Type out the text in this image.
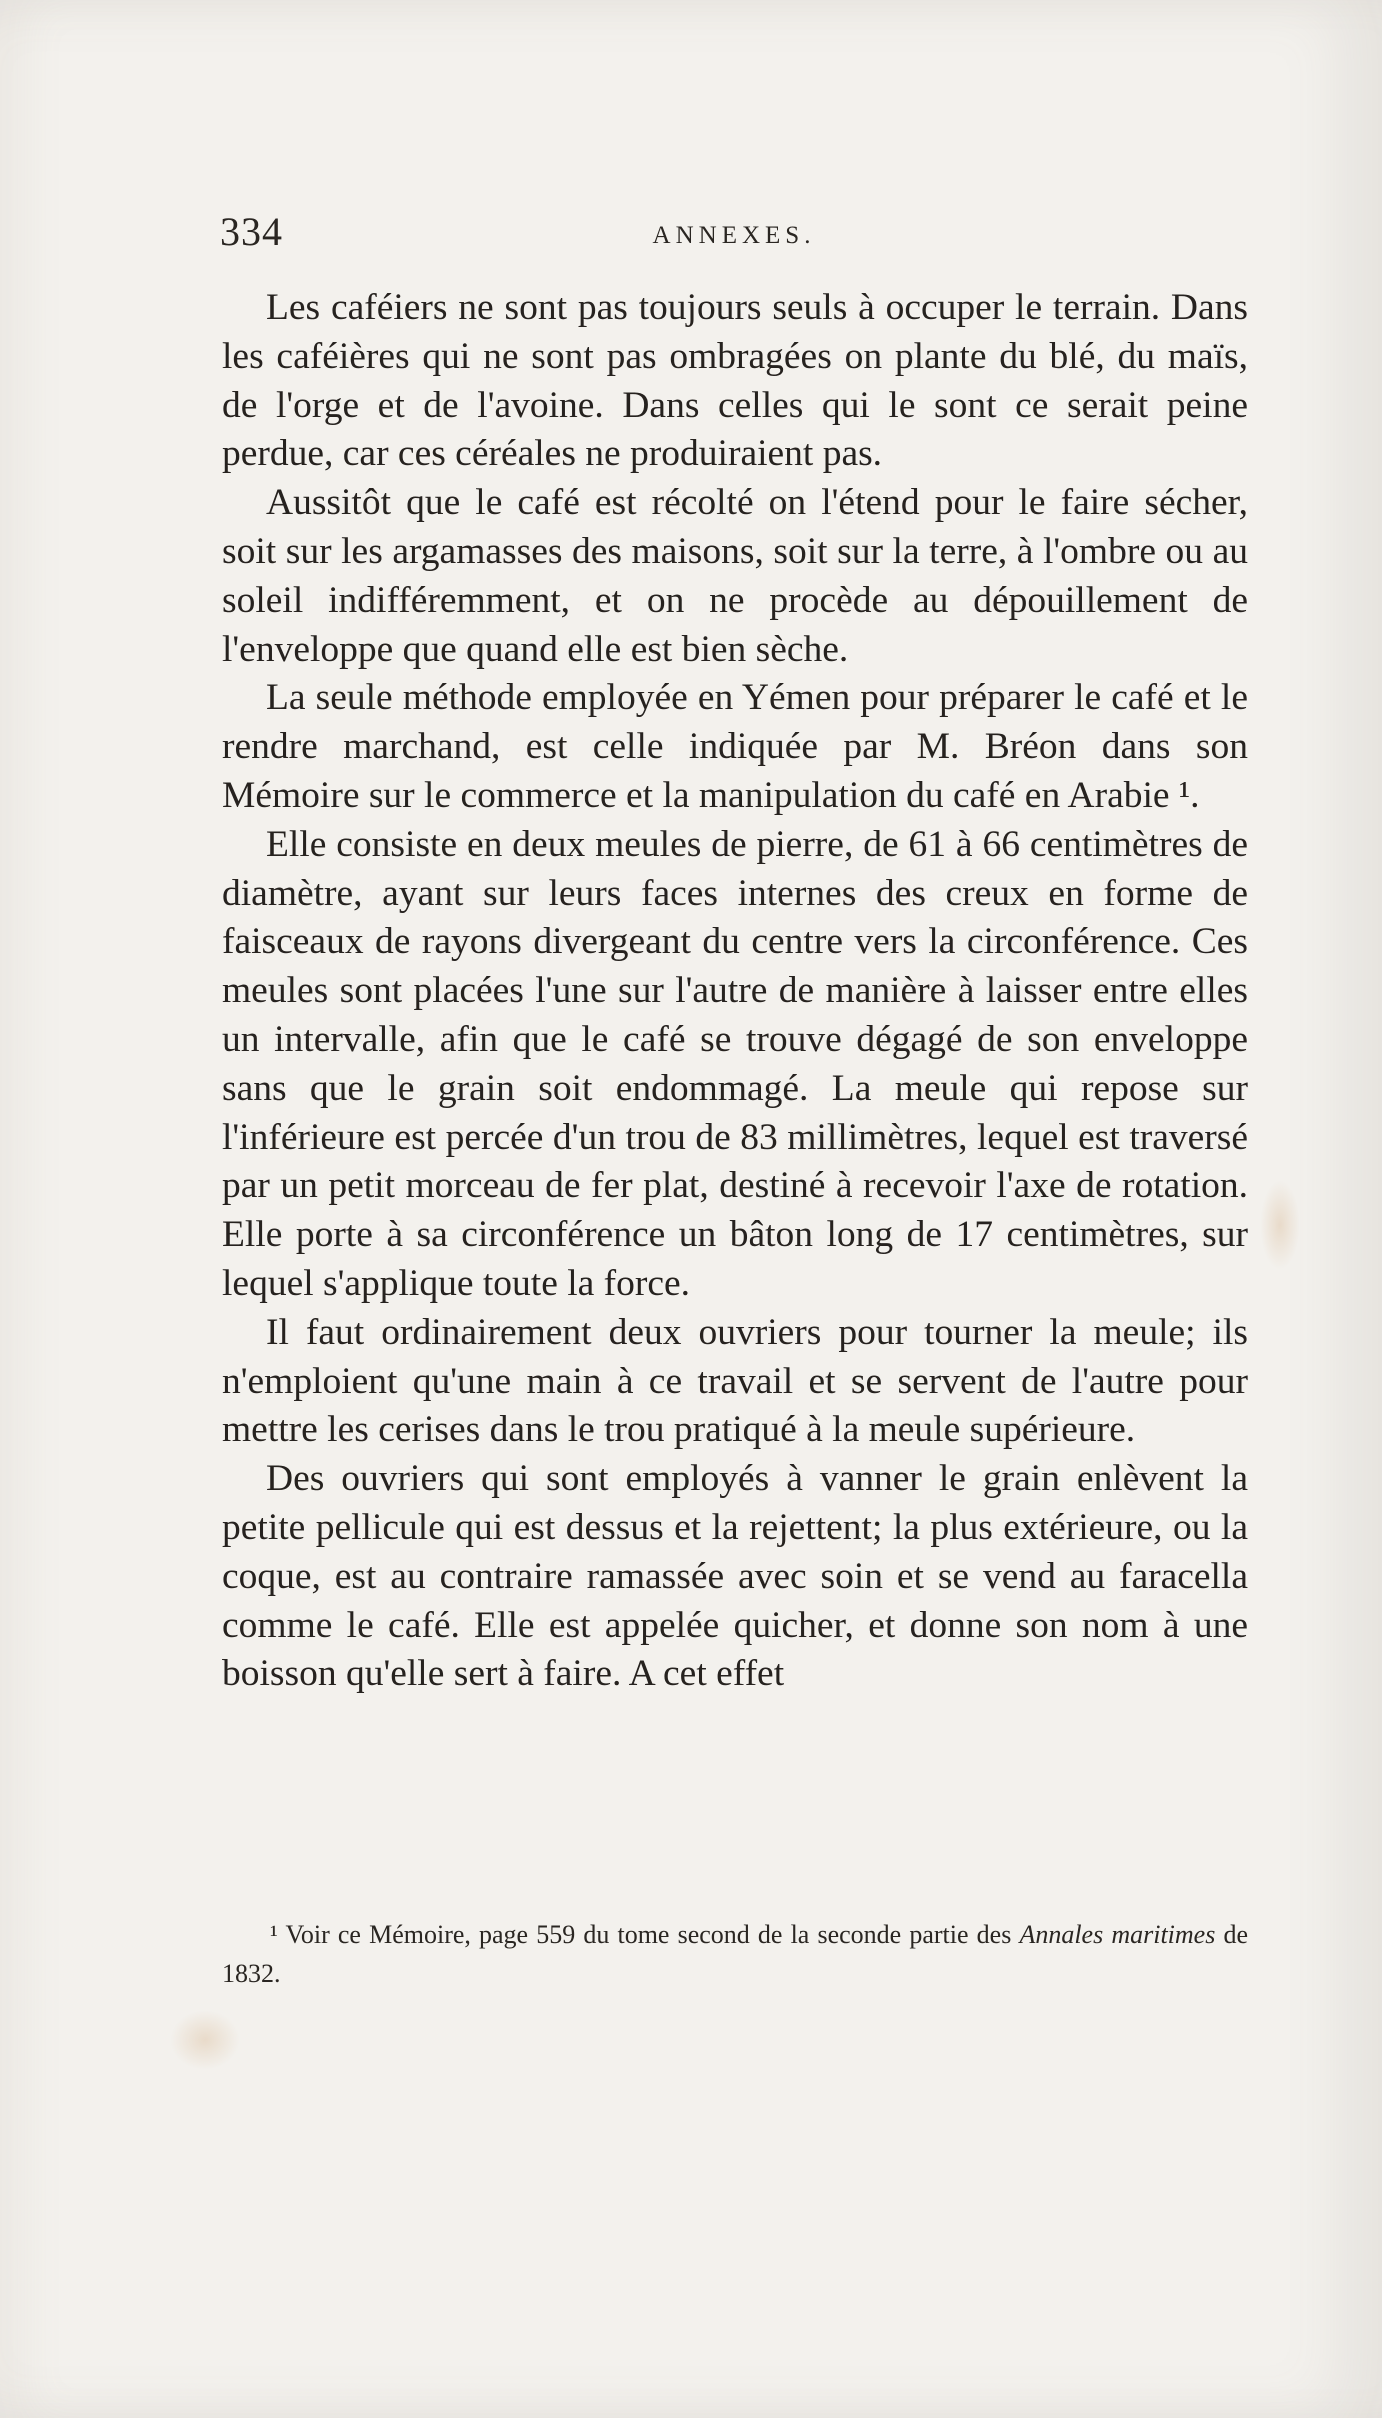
334	ANNEXES.

Les caféiers ne sont pas toujours seuls à occuper le terrain. Dans les caféières qui ne sont pas ombragées on plante du blé, du maïs, de l'orge et de l'avoine. Dans celles qui le sont ce serait peine perdue, car ces céréales ne produiraient pas.

Aussitôt que le café est récolté on l'étend pour le faire sécher, soit sur les argamasses des maisons, soit sur la terre, à l'ombre ou au soleil indifféremment, et on ne procède au dépouillement de l'enveloppe que quand elle est bien sèche.

La seule méthode employée en Yémen pour préparer le café et le rendre marchand, est celle indiquée par M. Bréon dans son Mémoire sur le commerce et la manipulation du café en Arabie ¹.

Elle consiste en deux meules de pierre, de 61 à 66 centimètres de diamètre, ayant sur leurs faces internes des creux en forme de faisceaux de rayons divergeant du centre vers la circonférence. Ces meules sont placées l'une sur l'autre de manière à laisser entre elles un intervalle, afin que le café se trouve dégagé de son enveloppe sans que le grain soit endommagé. La meule qui repose sur l'inférieure est percée d'un trou de 83 millimètres, lequel est traversé par un petit morceau de fer plat, destiné à recevoir l'axe de rotation. Elle porte à sa circonférence un bâton long de 17 centimètres, sur lequel s'applique toute la force.

Il faut ordinairement deux ouvriers pour tourner la meule; ils n'emploient qu'une main à ce travail et se servent de l'autre pour mettre les cerises dans le trou pratiqué à la meule supérieure.

Des ouvriers qui sont employés à vanner le grain enlèvent la petite pellicule qui est dessus et la rejettent; la plus extérieure, ou la coque, est au contraire ramassée avec soin et se vend au faracella comme le café. Elle est appelée quicher, et donne son nom à une boisson qu'elle sert à faire. A cet effet

¹ Voir ce Mémoire, page 559 du tome second de la seconde partie des Annales maritimes de 1832.
